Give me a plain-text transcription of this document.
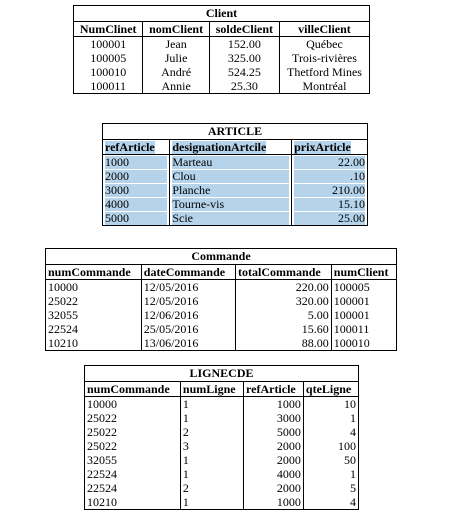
Client			
NumClinet	nomClient	soldeClient	villeClient
100001	Jean	152.00	Québec
100005	Julie	325.00	Trois-rivières
100010	André	524.25	Thetford Mines
100011	Annie	25.30	Montréal
ARTICLE		
refArticle	designationArtcile	prixArticle

1000	Marteau	22.00

2000	Clou	.10

3000	Planche	210.00

4000	Tourne-vis	15.10

5000	Scie	25.00
Commande			
numCommande	dateCommande	totalCommande	numClient
10000	12/05/2016	220.00	100005
25022	12/05/2016	320.00	100001
32055	12/06/2016	5.00	100001
22524	25/05/2016	15.60	100011
10210	13/06/2016	88.00	100010
LIGNECDE			
numCommande	numLigne	refArticle	qteLigne
10000	1	1000	10
25022	1	3000	1
25022	2	5000	4
25022	3	2000	100
32055	1	2000	50
22524	1	4000	1
22524	2	2000	5
10210	1	1000	4
